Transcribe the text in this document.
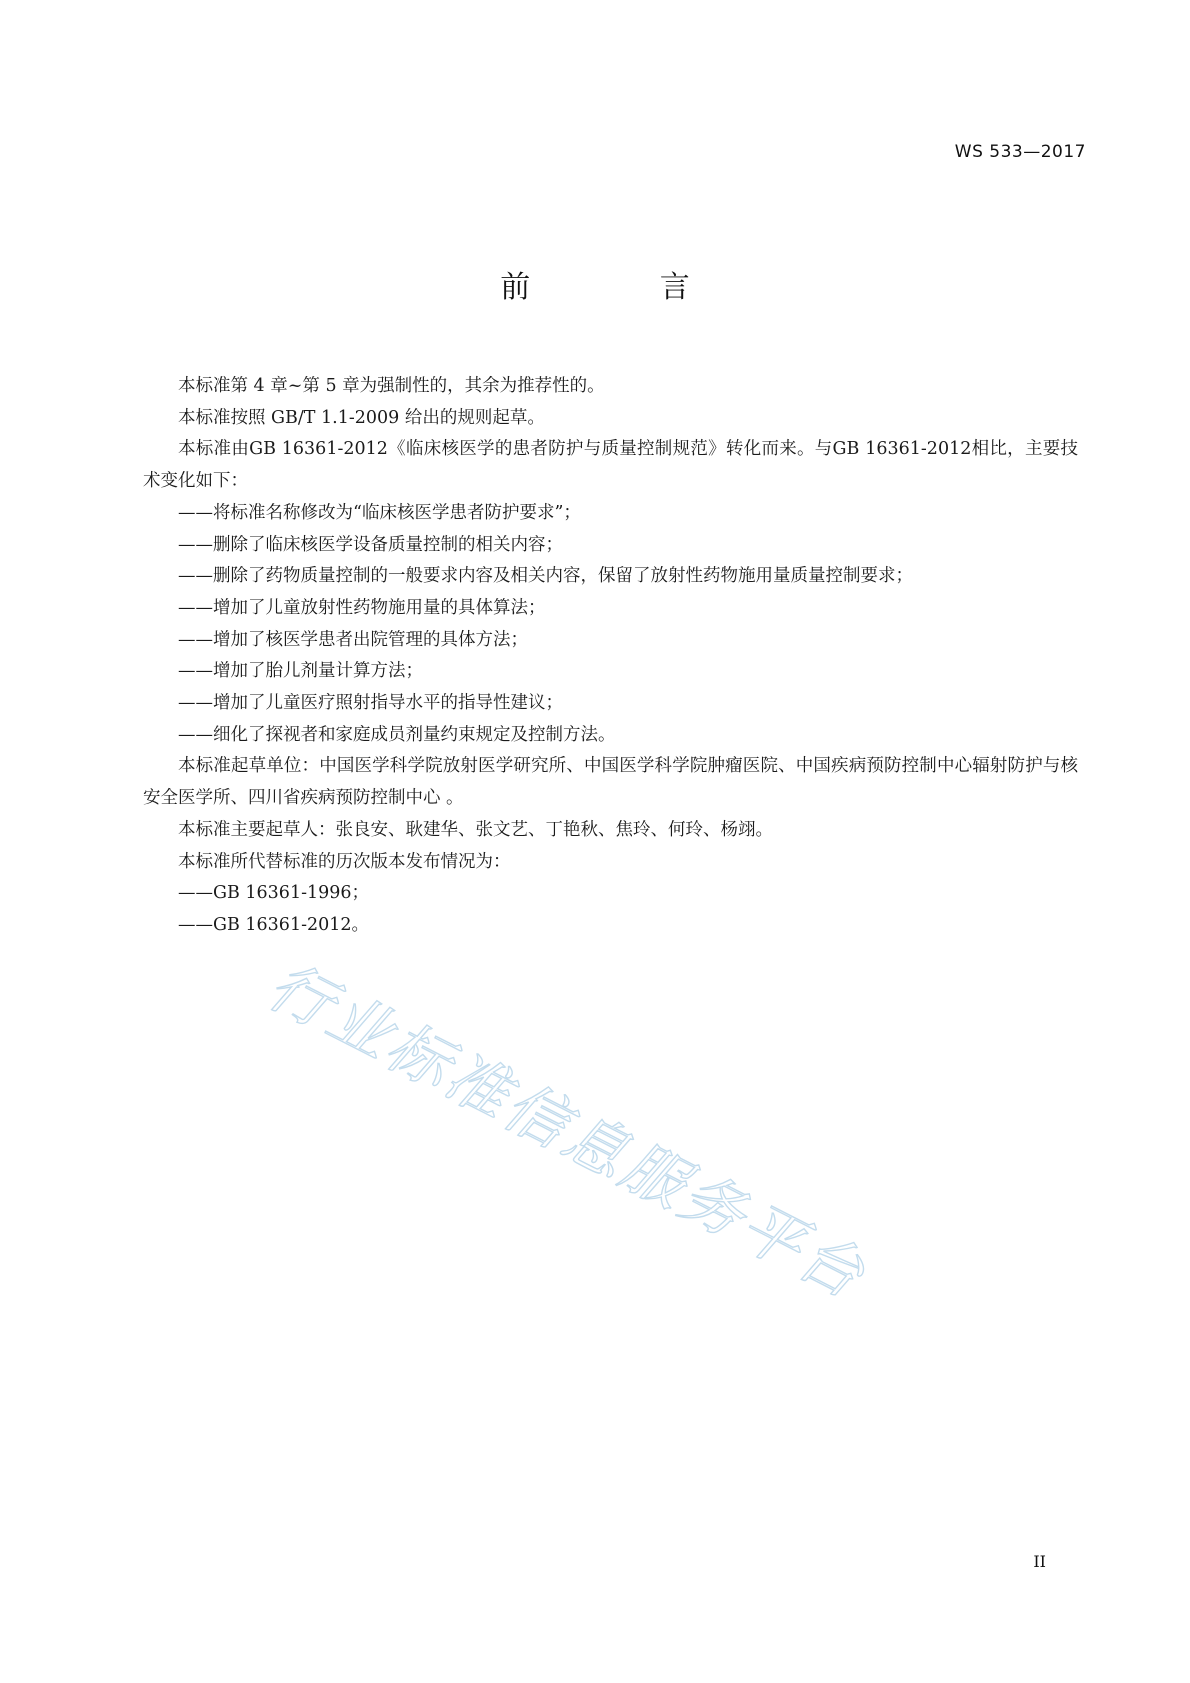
WS 533—2017
前 言

本标准第 4 章~第 5 章为强制性的，其余为推荐性的。

本标准按照 GB/T 1.1-2009 给出的规则起草。

本标准由GB 16361-2012《临床核医学的患者防护与质量控制规范》转化而来。与GB 16361-2012相比，主要技术变化如下：

——将标准名称修改为“临床核医学患者防护要求”；

——删除了临床核医学设备质量控制的相关内容；

——删除了药物质量控制的一般要求内容及相关内容，保留了放射性药物施用量质量控制要求；

——增加了儿童放射性药物施用量的具体算法；

——增加了核医学患者出院管理的具体方法；

——增加了胎儿剂量计算方法；

——增加了儿童医疗照射指导水平的指导性建议；

——细化了探视者和家庭成员剂量约束规定及控制方法。

本标准起草单位：中国医学科学院放射医学研究所、中国医学科学院肿瘤医院、中国疾病预防控制中心辐射防护与核安全医学所、四川省疾病预防控制中心 。

本标准主要起草人：张良安、耿建华、张文艺、丁艳秋、焦玲、何玲、杨翊。

本标准所代替标准的历次版本发布情况为：

——GB 16361-1996；

——GB 16361-2012。

行业标准信息服务平台
II
